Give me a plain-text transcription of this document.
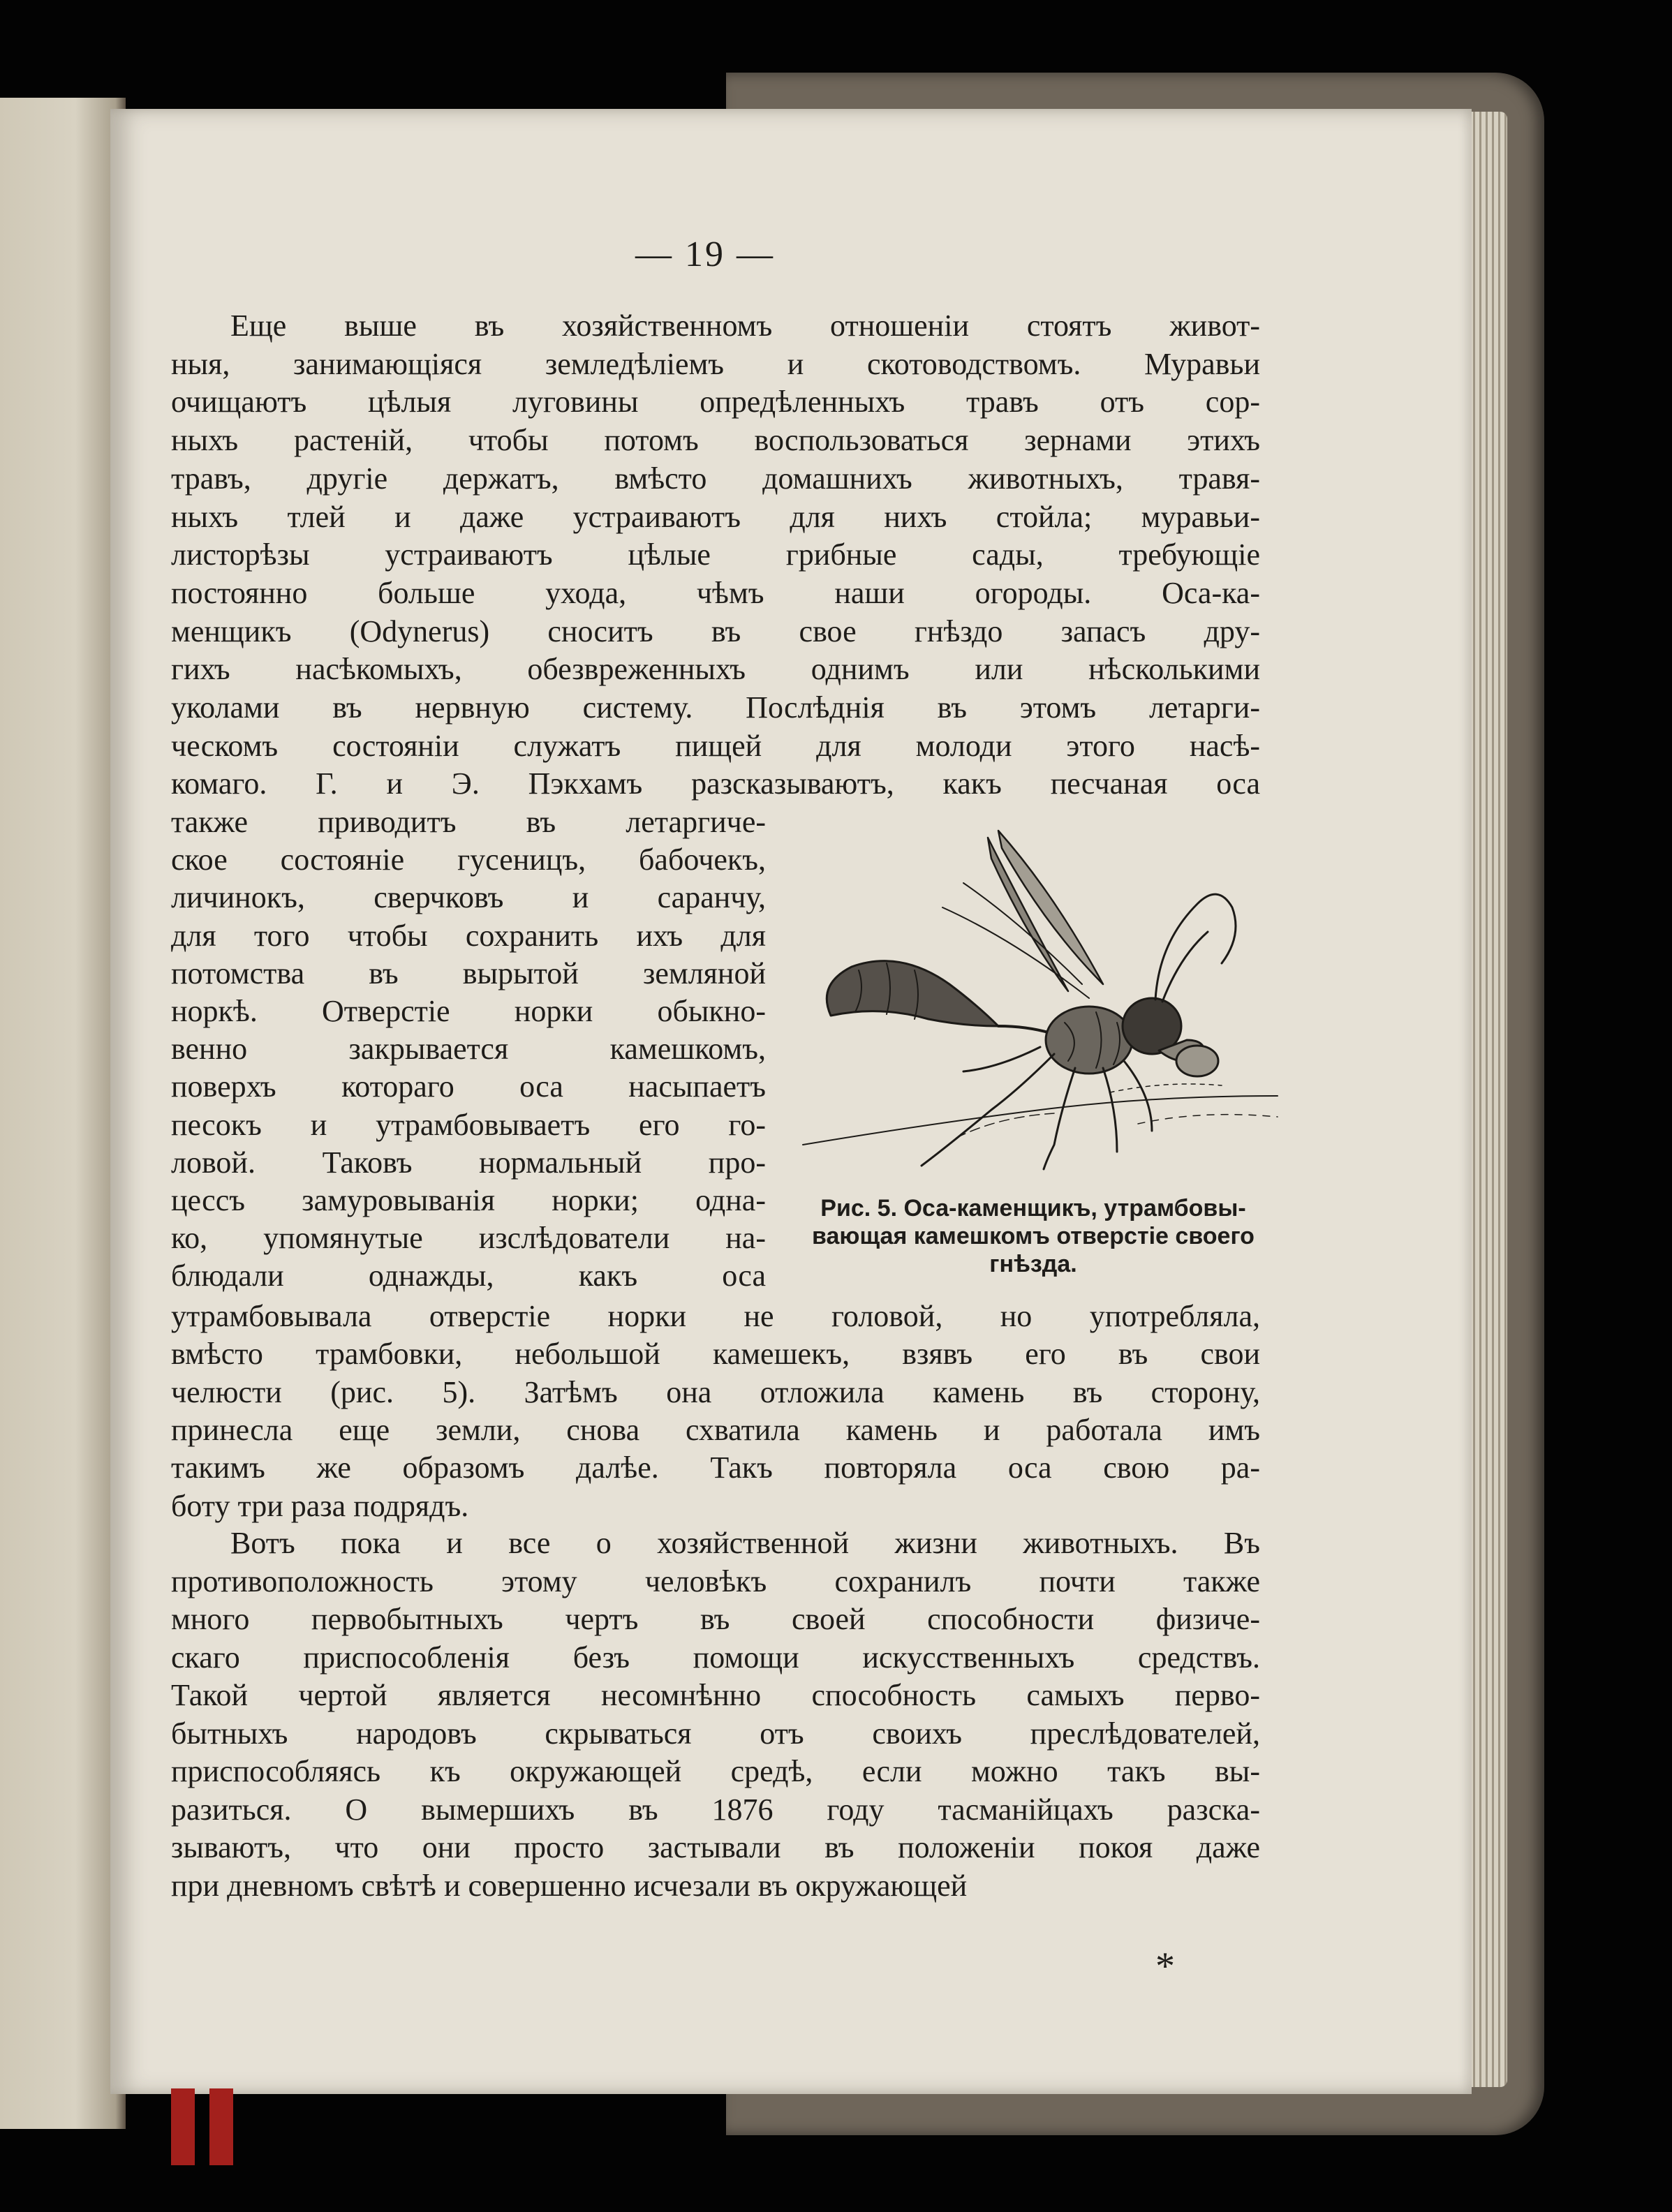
— 19 —
Еще выше въ хозяйственномъ отношенiи стоятъ живот-
ныя, занимающiяся земледѣлiемъ и скотоводствомъ. Муравьи
очищаютъ цѣлыя луговины опредѣленныхъ травъ отъ сор-
ныхъ растенiй, чтобы потомъ воспользоваться зернами этихъ
травъ, другiе держатъ, вмѣсто домашнихъ животныхъ, травя-
ныхъ тлей и даже устраиваютъ для нихъ стойла; муравьи-
листорѣзы устраиваютъ цѣлые грибные сады, требующiе
постоянно больше ухода, чѣмъ наши огороды. Оса-ка-
менщикъ (Odynerus) сноситъ въ свое гнѣздо запасъ дру-
гихъ насѣкомыхъ, обезвреженныхъ однимъ или нѣсколькими
уколами въ нервную систему. Послѣднiя въ этомъ летарги-
ческомъ состоянiи служатъ пищей для молоди этого насѣ-
комаго. Г. и Э. Пэкхамъ разсказываютъ, какъ песчаная оса
также приводитъ въ летаргиче-
ское состоянiе гусеницъ, бабочекъ,
личинокъ, сверчковъ и саранчу,
для того чтобы сохранить ихъ для
потомства въ вырытой земляной
норкѣ. Отверстiе норки обыкно-
венно закрывается камешкомъ,
поверхъ котораго оса насыпаетъ
песокъ и утрамбовываетъ его го-
ловой. Таковъ нормальный про-
цессъ замуровыванiя норки; одна-
ко, упомянутые изслѣдователи на-
блюдали однажды, какъ оса
утрамбовывала отверстiе норки не головой, но употребляла,
вмѣсто трамбовки, небольшой камешекъ, взявъ его въ свои
челюсти (рис. 5). Затѣмъ она отложила камень въ сторону,
принесла еще земли, снова схватила камень и работала имъ
такимъ же образомъ далѣе. Такъ повторяла оса свою ра-
боту три раза подрядъ.
Вотъ пока и все о хозяйственной жизни животныхъ. Въ
противоположность этому человѣкъ сохранилъ почти также
много первобытныхъ чертъ въ своей способности физиче-
скаго приспособленiя безъ помощи искусственныхъ средствъ.
Такой чертой является несомнѣнно способность самыхъ перво-
бытныхъ народовъ скрываться отъ своихъ преслѣдователей,
приспособляясь къ окружающей средѣ, если можно такъ вы-
разиться. О вымершихъ въ 1876 году тасманiйцахъ разска-
зываютъ, что они просто застывали въ положенiи покоя даже
при дневномъ свѣтѣ и совершенно исчезали въ окружающей
Рис. 5. Оса-каменщикъ, утрамбовы-
вающая камешкомъ отверстiе своего
гнѣзда.
*
